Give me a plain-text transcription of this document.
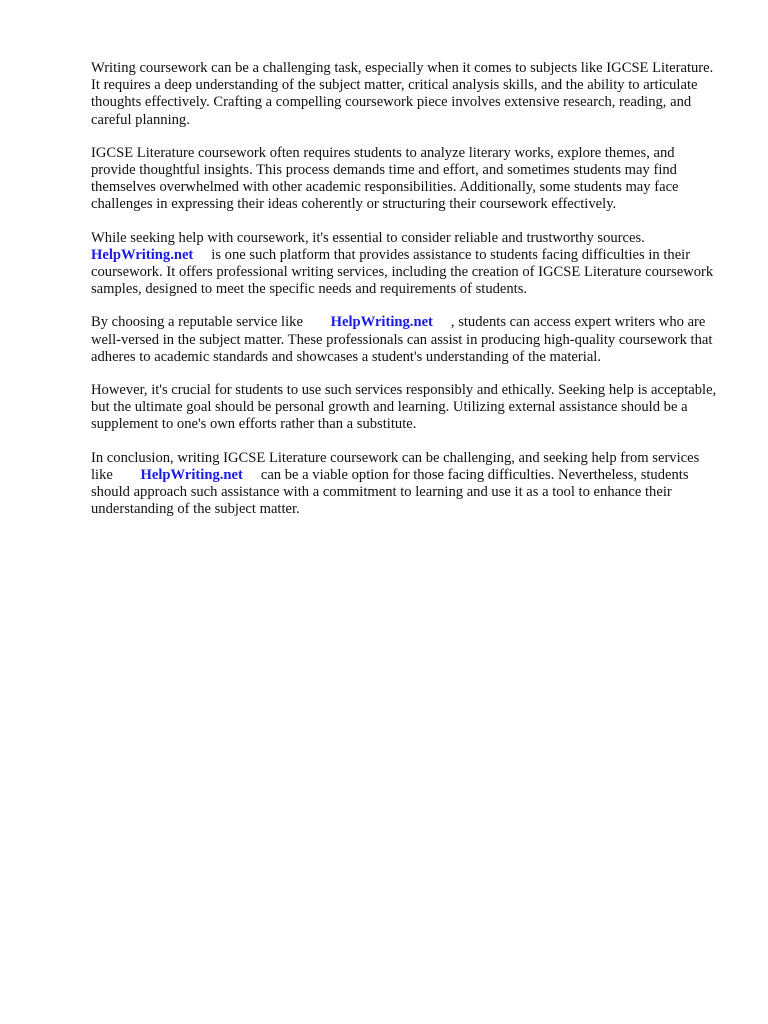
Writing coursework can be a challenging task, especially when it comes to subjects like IGCSE Literature. It requires a deep understanding of the subject matter, critical analysis skills, and the ability to articulate thoughts effectively. Crafting a compelling coursework piece involves extensive research, reading, and careful planning.

IGCSE Literature coursework often requires students to analyze literary works, explore themes, and provide thoughtful insights. This process demands time and effort, and sometimes students may find themselves overwhelmed with other academic responsibilities. Additionally, some students may face challenges in expressing their ideas coherently or structuring their coursework effectively.

While seeking help with coursework, it's essential to consider reliable and trustworthy sources.
HelpWriting.net is one such platform that provides assistance to students facing difficulties in their coursework. It offers professional writing services, including the creation of IGCSE Literature coursework samples, designed to meet the specific needs and requirements of students.

By choosing a reputable service like HelpWriting.net , students can access expert writers who are well-versed in the subject matter. These professionals can assist in producing high-quality coursework that adheres to academic standards and showcases a student's understanding of the material.

However, it's crucial for students to use such services responsibly and ethically. Seeking help is acceptable, but the ultimate goal should be personal growth and learning. Utilizing external assistance should be a supplement to one's own efforts rather than a substitute.

In conclusion, writing IGCSE Literature coursework can be challenging, and seeking help from services like HelpWriting.net can be a viable option for those facing difficulties. Nevertheless, students should approach such assistance with a commitment to learning and use it as a tool to enhance their understanding of the subject matter.
